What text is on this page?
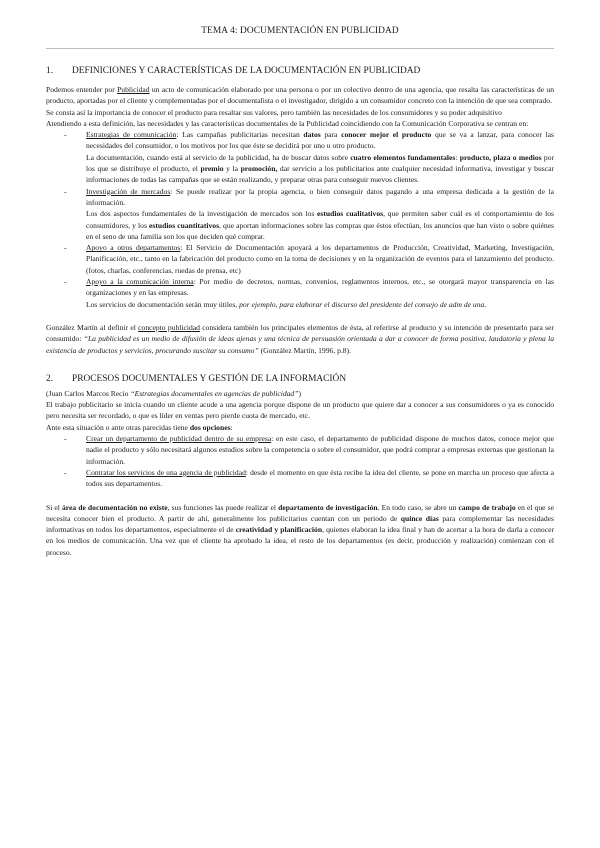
TEMA 4: DOCUMENTACIÓN EN PUBLICIDAD
1.	DEFINICIONES Y CARACTERÍSTICAS DE LA DOCUMENTACIÓN EN PUBLICIDAD

Podemos entender por Publicidad un acto de comunicación elaborado por una persona o por un colectivo dentro de una agencia, que resalta las características de un producto, aportadas por el cliente y complementadas por el documentalista o el investigador, dirigido a un consumidor concreto con la intención de que sea comprado.

Se consta así la importancia de conocer el producto para resaltar sus valores, pero también las necesidades de los consumidores y su poder adquisitivo

Atendiendo a esta definición, las necesidades y las características documentales de la Publicidad coincidiendo con la Comunicación Corporativa se centran en:

- Estrategias de comunicación: Las campañas publicitarias necesitan datos para conocer mejor el producto que se va a lanzar, para conocer las necesidades del consumidor, o los motivos por los que éste se decidirá por uno u otro producto.

La documentación, cuando está al servicio de la publicidad, ha de buscar datos sobre cuatro elementos fundamentales: producto, plaza o medios por los que se distribuye el producto, el premio y la promoción, dar servicio a los publicitarios ante cualquier necesidad informativa, investigar y buscar informaciones de todas las campañas que se están realizando, y preparar otras para conseguir nuevos clientes.

- Investigación de mercados: Se puede realizar por la propia agencia, o bien conseguir datos pagando a una empresa dedicada a la gestión de la información.

Los dos aspectos fundamentales de la investigación de mercados son los estudios cualitativos, que permiten saber cuál es el comportamiento de los consumidores, y los estudios cuantitativos, que aportan informaciones sobre las compras que éstos efectúan, los anuncios que han visto o sobre quiénes en el seno de una familia son los que deciden qué comprar.

- Apoyo a otros departamentos: El Servicio de Documentación apoyará a los departamentos de Producción, Creatividad, Marketing, Investigación, Planificación, etc., tanto en la fabricación del producto como en la toma de decisiones y en la organización de eventos para el lanzamiento del producto. (fotos, charlas, conferencias, ruedas de prensa, etc)

- Apoyo a la comunicación interna: Por medio de decretos, normas, convenios, reglamentos internos, etc., se otorgará mayor transparencia en las organizaciones y en las empresas.

Los servicios de documentación serán muy útiles, por ejemplo, para elaborar el discurso del presidente del consejo de adm de una.

González Martín al definir el concepto publicidad considera también los principales elementos de ésta, al referirse al producto y su intención de presentarlo para ser consumido: “La publicidad es un medio de difusión de ideas ajenas y una técnica de persuasión orientada a dar a conocer de forma positiva, laudatoria y plena la existencia de productos y servicios, procurando suscitar su consumo” (González Martín, 1996, p.8).

2.	PROCESOS DOCUMENTALES Y GESTIÓN DE LA INFORMACIÓN

(Juan Carlos Marcos Recio “Estrategias documentales en agencias de publicidad”)

El trabajo publicitario se inicia cuando un cliente acude a una agencia porque dispone de un producto que quiere dar a conocer a sus consumidores o ya es conocido pero necesita ser recordado, o que es líder en ventas pero pierde cuota de mercado, etc.

Ante esta situación o ante otras parecidas tiene dos opciones:

- Crear un departamento de publicidad dentro de su empresa: en este caso, el departamento de publicidad dispone de muchos datos, conoce mejor que nadie el producto y sólo necesitará algunos estudios sobre la competencia o sobre el consumidor, que podrá comprar a empresas externas que gestionan la información.

- Contratar los servicios de una agencia de publicidad: desde el momento en que ésta recibe la idea del cliente, se pone en marcha un proceso que afecta a todos sus departamentos.

Si el área de documentación no existe, sus funciones las puede realizar el departamento de investigación. En todo caso, se abre un campo de trabajo en el que se necesita conocer bien el producto. A partir de ahí, generalmente los publicitarios cuentan con un periodo de quince días para complementar las necesidades informativas en todos los departamentos, especialmente el de creatividad y planificación, quienes elaboran la idea final y han de acertar a la hora de darla a conocer en los medios de comunicación. Una vez que el cliente ha aprobado la idea, el resto de los departamentos (es decir, producción y realización) comienzan con el proceso.
